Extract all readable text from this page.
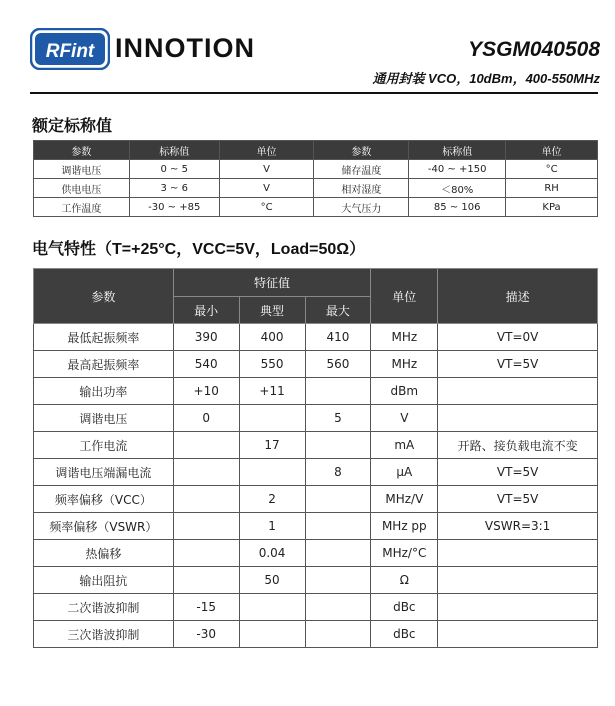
RFint INNOTION	YSGM040508
通用封装 VCO，10dBm，400-550MHz
额定标称值
参数	标称值	单位	参数	标称值	单位
调谐电压	0 ~ 5	V	储存温度	-40 ~ +150	°C
供电电压	3 ~ 6	V	相对湿度	＜80%	RH
工作温度	-30 ~ +85	°C	大气压力	85 ~ 106	KPa
电气特性（T=+25°C，VCC=5V，Load=50Ω）
参数	特征值			单位	描述
	最小	典型	最大		
最低起振频率	390	400	410	MHz	VT=0V
最高起振频率	540	550	560	MHz	VT=5V
输出功率	+10	+11		dBm	
调谐电压	0		5	V	
工作电流		17		mA	开路、接负载电流不变
调谐电压端漏电流			8	μA	VT=5V
频率偏移（VCC）		2		MHz/V	VT=5V
频率偏移（VSWR）		1		MHz pp	VSWR=3:1
热偏移		0.04		MHz/°C	
输出阻抗		50		Ω	
二次谐波抑制	-15			dBc	
三次谐波抑制	-30			dBc	
